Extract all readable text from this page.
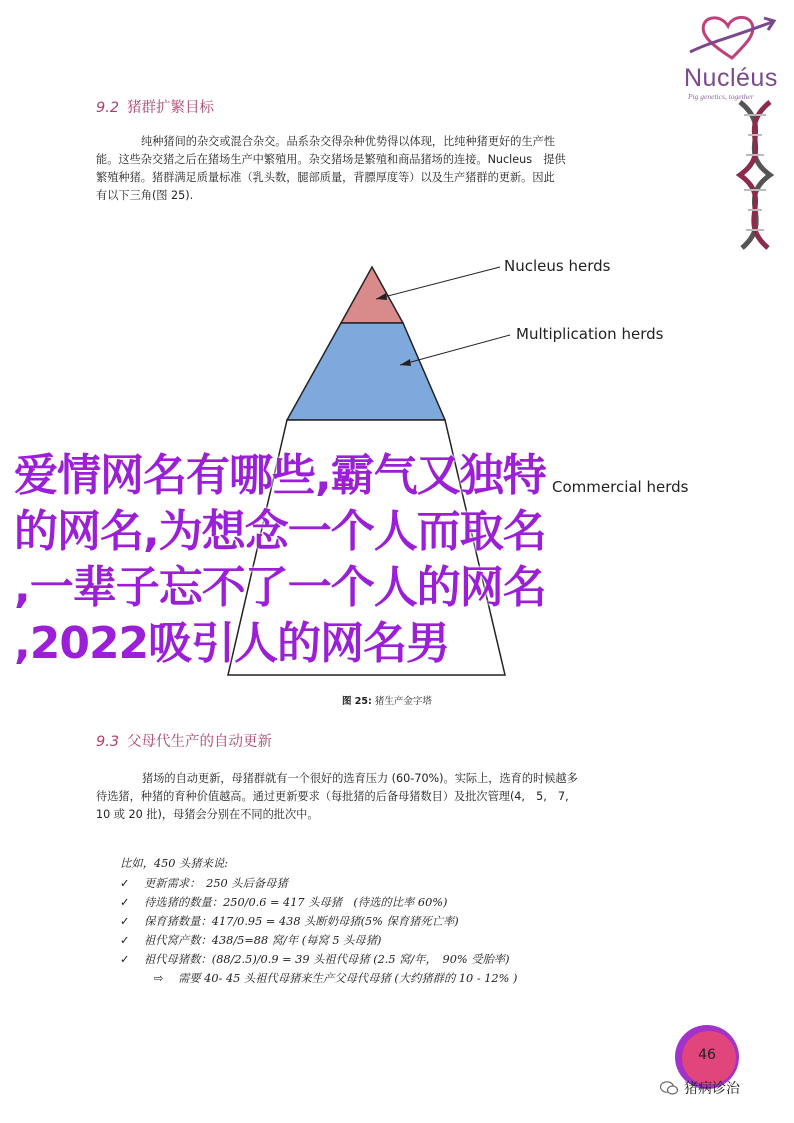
Nucléus
Pig genetics, together
9.2 猪群扩繁目标
纯种猪间的杂交或混合杂交。品系杂交得杂种优势得以体现，比纯种猪更好的生产性
能。这些杂交猪之后在猪场生产中繁殖用。杂交猪场是繁殖和商品猪场的连接。Nucleus　提供
繁殖种猪。猪群满足质量标准（乳头数，腿部质量，背膘厚度等）以及生产猪群的更新。因此
有以下三角(图 25).
Nucleus herds
Multiplication herds
Commercial herds
爱情网名有哪些,霸气又独特
的网名,为想念一个人而取名
,一辈子忘不了一个人的网名
,2022吸引人的网名男
图 25: 猪生产金字塔
9.3 父母代生产的自动更新
猪场的自动更新，母猪群就有一个很好的选育压力 (60-70%)。实际上，选育的时候越多
待选猪，种猪的育种价值越高。通过更新要求（每批猪的后备母猪数目）及批次管理(4,　5,　7,
10 或 20 批)，母猪会分别在不同的批次中。
比如，450 头猪来说:
✓ 更新需求：　250 头后备母猪
✓ 待选猪的数量：250/0.6 = 417 头母猪　(待选的比率 60%)
✓ 保育猪数量：417/0.95 = 438 头断奶母猪(5% 保育猪死亡率)
✓ 祖代窝产数：438/5=88 窝/年 (每窝 5 头母猪)
✓ 祖代母猪数：(88/2.5)/0.9 = 39 头祖代母猪 (2.5 窝/年，　90% 受胎率)
⇨ 需要 40- 45 头祖代母猪来生产父母代母猪 (大约猪群的 10 - 12% )
46
猪病诊治
